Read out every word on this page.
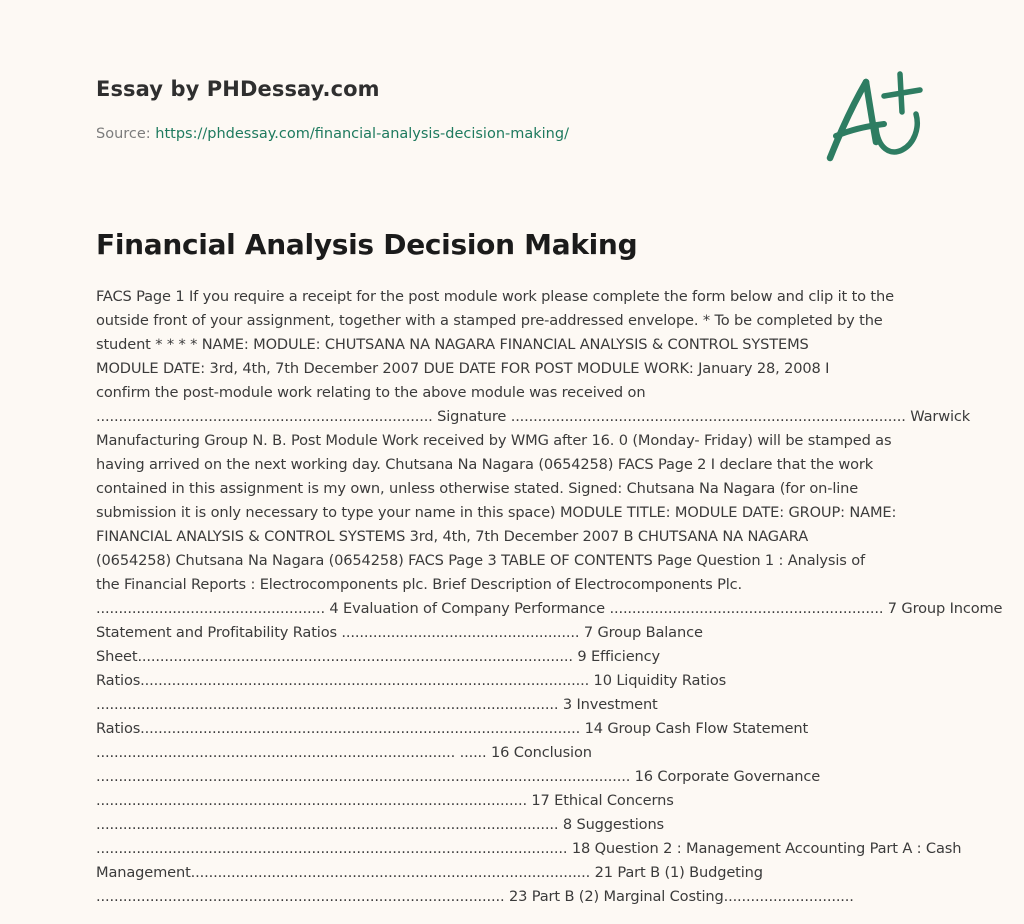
Essay by PHDessay.com
Source: https://phdessay.com/financial-analysis-decision-making/
Financial Analysis Decision Making
FACS Page 1 If you require a receipt for the post module work please complete the form below and clip it to the
outside front of your assignment, together with a stamped pre-addressed envelope. * To be completed by the
student * * * * NAME: MODULE: CHUTSANA NA NAGARA FINANCIAL ANALYSIS & CONTROL SYSTEMS
MODULE DATE: 3rd, 4th, 7th December 2007 DUE DATE FOR POST MODULE WORK: January 28, 2008 I
confirm the post-module work relating to the above module was received on
........................................................................... Signature ........................................................................................ Warwick
Manufacturing Group N. B. Post Module Work received by WMG after 16. 0 (Monday- Friday) will be stamped as
having arrived on the next working day. Chutsana Na Nagara (0654258) FACS Page 2 I declare that the work
contained in this assignment is my own, unless otherwise stated. Signed: Chutsana Na Nagara (for on-line
submission it is only necessary to type your name in this space) MODULE TITLE: MODULE DATE: GROUP: NAME:
FINANCIAL ANALYSIS & CONTROL SYSTEMS 3rd, 4th, 7th December 2007 B CHUTSANA NA NAGARA
(0654258) Chutsana Na Nagara (0654258) FACS Page 3 TABLE OF CONTENTS Page Question 1 : Analysis of
the Financial Reports : Electrocomponents plc. Brief Description of Electrocomponents Plc.
................................................... 4 Evaluation of Company Performance ............................................................. 7 Group Income
Statement and Profitability Ratios ..................................................... 7 Group Balance
Sheet................................................................................................. 9 Efficiency
Ratios.................................................................................................... 10 Liquidity Ratios
....................................................................................................... 3 Investment
Ratios.................................................................................................. 14 Group Cash Flow Statement
................................................................................ ...... 16 Conclusion
....................................................................................................................... 16 Corporate Governance
................................................................................................ 17 Ethical Concerns
....................................................................................................... 8 Suggestions
......................................................................................................... 18 Question 2 : Management Accounting Part A : Cash
Management......................................................................................... 21 Part B (1) Budgeting
........................................................................................... 23 Part B (2) Marginal Costing.............................
